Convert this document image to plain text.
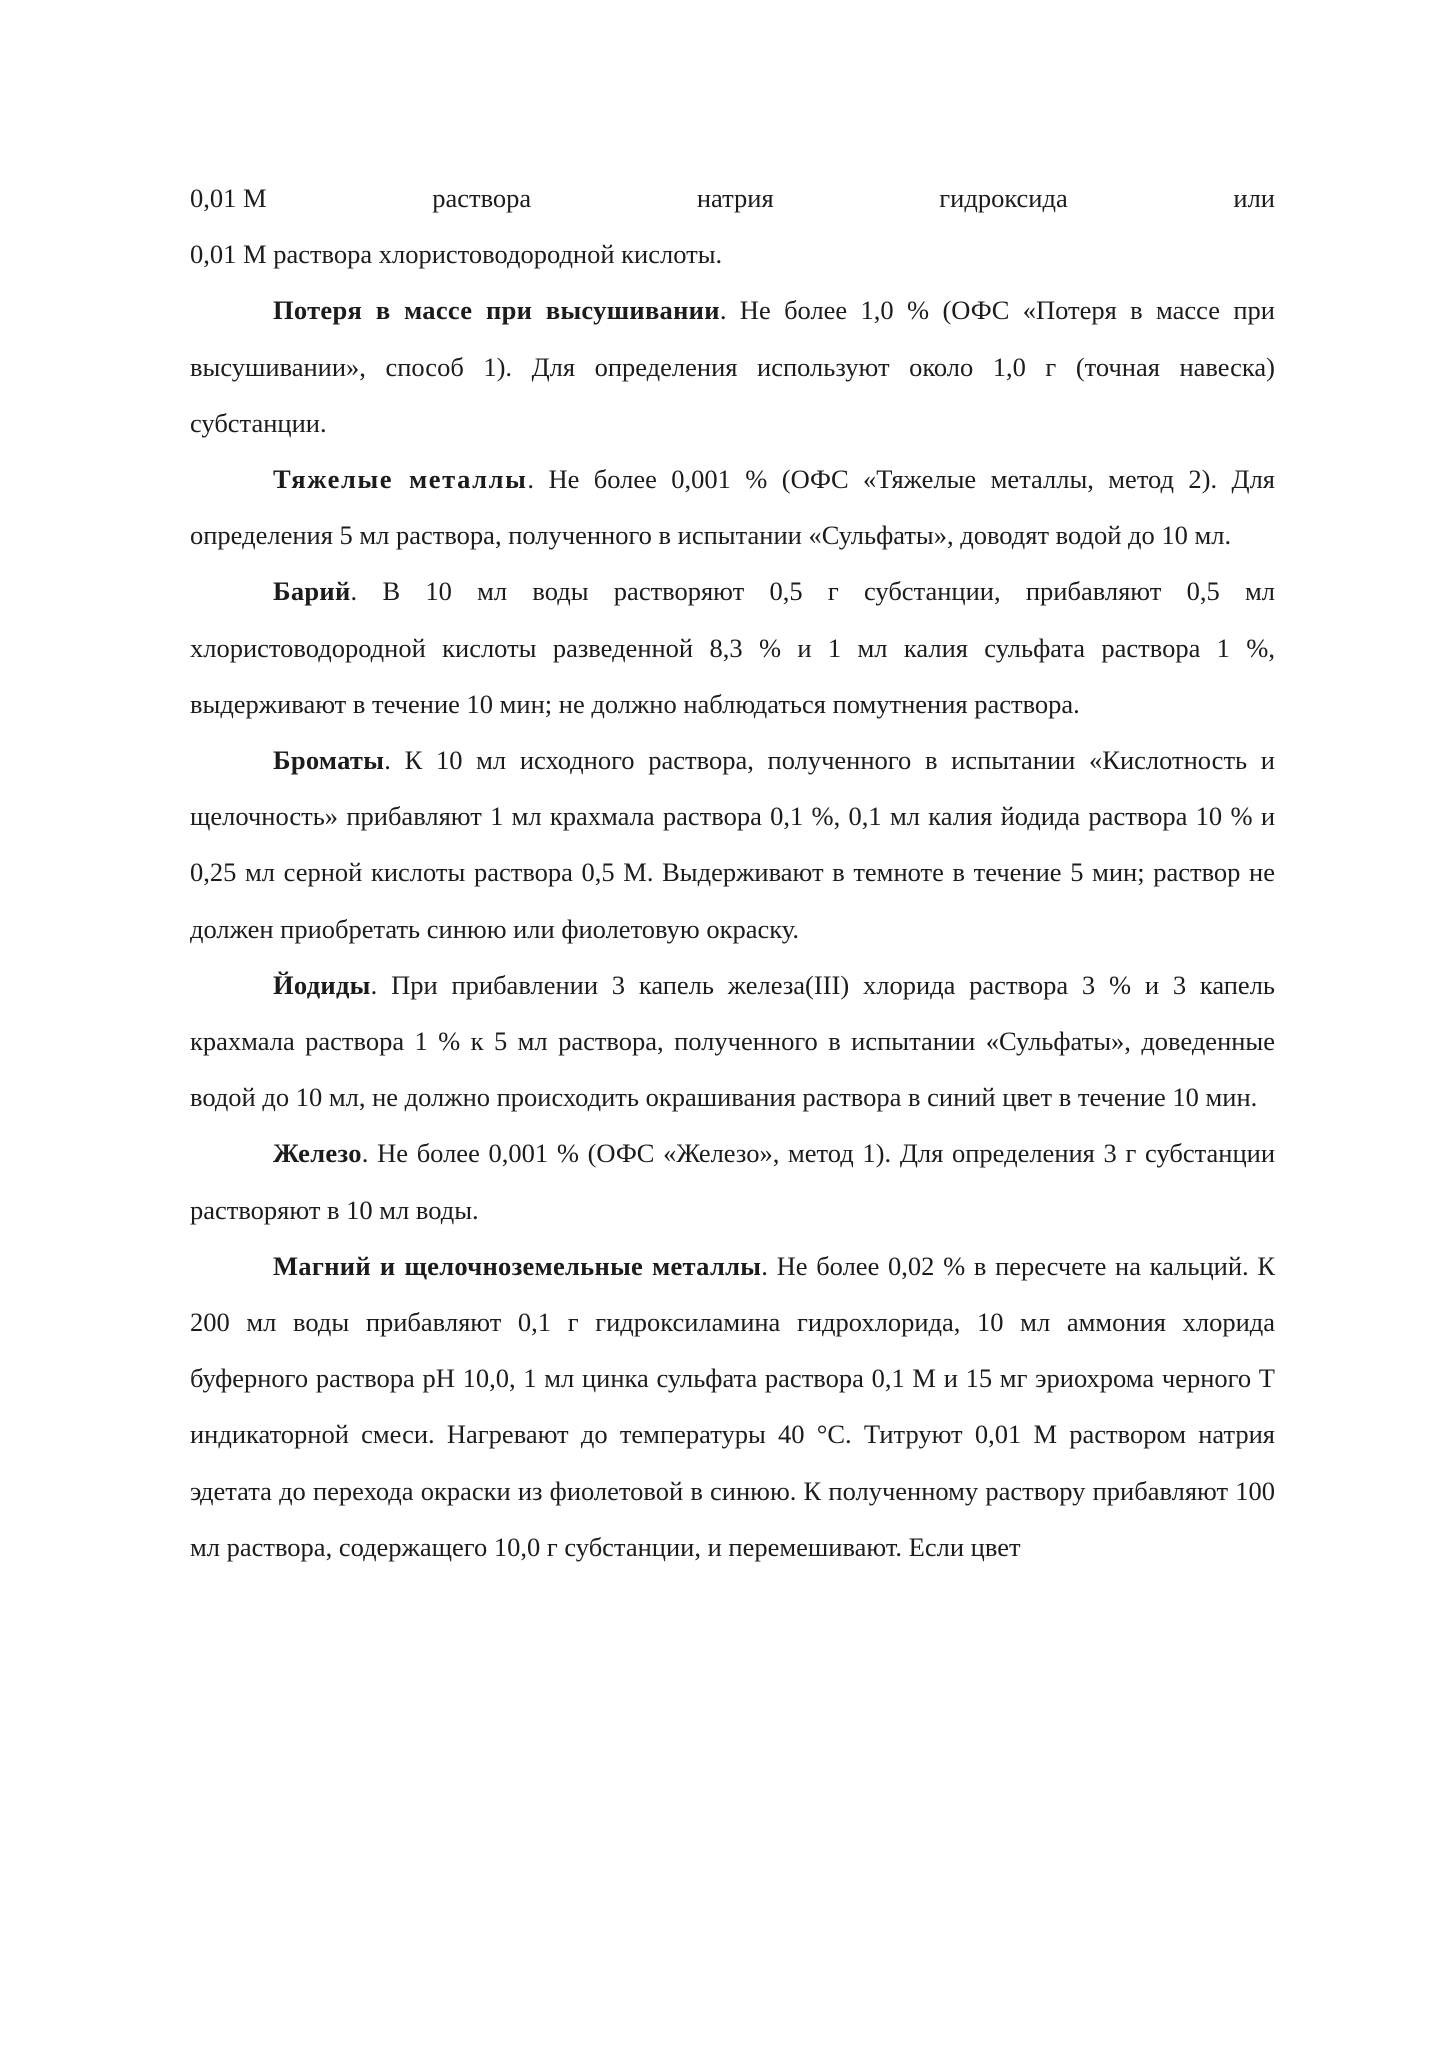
0,01 М	раствора	натрия	гидроксида	или

0,01 М раствора хлористоводородной кислоты.

Потеря в массе при высушивании. Не более 1,0 % (ОФС «Потеря в массе при высушивании», способ 1). Для определения используют около 1,0 г (точная навеска) субстанции.

Тяжелые металлы. Не более 0,001 % (ОФС «Тяжелые металлы, метод 2). Для определения 5 мл раствора, полученного в испытании «Сульфаты», доводят водой до 10 мл.

Барий. В 10 мл воды растворяют 0,5 г субстанции, прибавляют 0,5 мл хлористоводородной кислоты разведенной 8,3 % и 1 мл калия сульфата раствора 1 %, выдерживают в течение 10 мин; не должно наблюдаться помутнения раствора.

Броматы. К 10 мл исходного раствора, полученного в испытании «Кислотность и щелочность» прибавляют 1 мл крахмала раствора 0,1 %, 0,1 мл калия йодида раствора 10 % и 0,25 мл серной кислоты раствора 0,5 М. Выдерживают в темноте в течение 5 мин; раствор не должен приобретать синюю или фиолетовую окраску.

Йодиды. При прибавлении 3 капель железа(III) хлорида раствора 3 % и 3 капель крахмала раствора 1 % к 5 мл раствора, полученного в испытании «Сульфаты», доведенные водой до 10 мл, не должно происходить окрашивания раствора в синий цвет в течение 10 мин.

Железо. Не более 0,001 % (ОФС «Железо», метод 1). Для определения 3 г субстанции растворяют в 10 мл воды.

Магний и щелочноземельные металлы. Не более 0,02 % в пересчете на кальций. К 200 мл воды прибавляют 0,1 г гидроксиламина гидрохлорида, 10 мл аммония хлорида буферного раствора pH 10,0, 1 мл цинка сульфата раствора 0,1 М и 15 мг эриохрома черного Т индикаторной смеси. Нагревают до температуры 40 °С. Титруют 0,01 М раствором натрия эдетата до перехода окраски из фиолетовой в синюю. К полученному раствору прибавляют 100 мл раствора, содержащего 10,0 г субстанции, и перемешивают. Если цвет
